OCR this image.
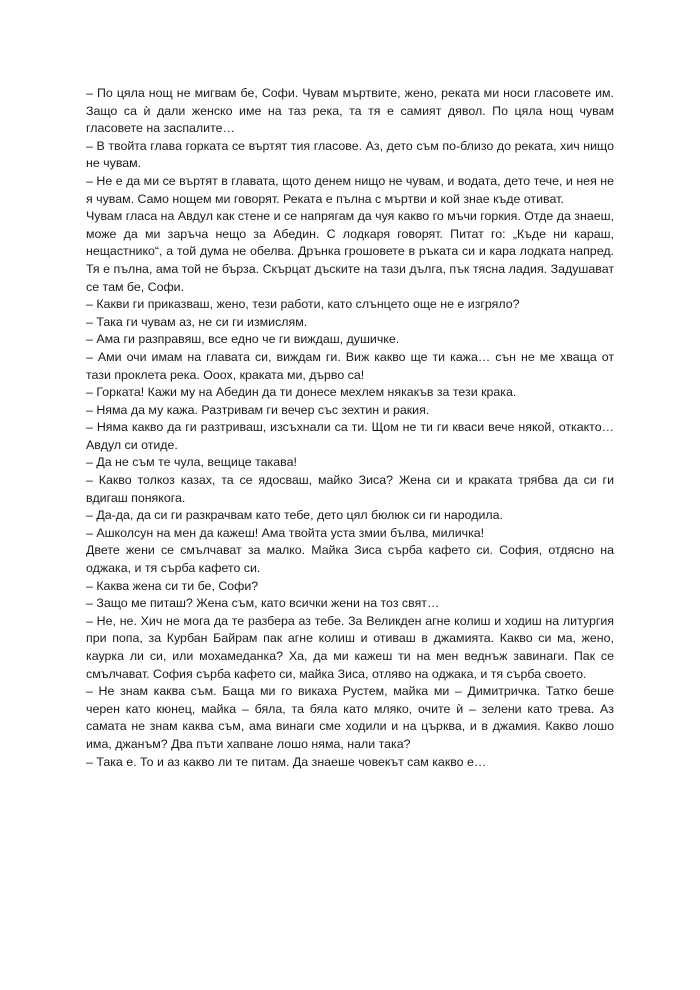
– По цяла нощ не мигвам бе, Софи. Чувам мъртвите, жено, реката ми носи гласовете им. Защо са ѝ дали женско име на таз река, та тя е самият дявол. По цяла нощ чувам гласовете на заспалите…

– В твойта глава горката се въртят тия гласове. Аз, дето съм по-близо до реката, хич нищо не чувам.

– Не е да ми се въртят в главата, щото денем нищо не чувам, и водата, дето тече, и нея не я чувам. Само нощем ми говорят. Реката е пълна с мъртви и кой знае къде отиват.

Чувам гласа на Авдул как стене и се напрягам да чуя какво го мъчи горкия. Отде да знаеш, може да ми заръча нещо за Абедин. С лодкаря говорят. Питат го: „Къде ни караш, нещастнико“, а той дума не обелва. Дрънка грошовете в ръката си и кара лодката напред. Тя е пълна, ама той не бърза. Скърцат дъските на тази дълга, пък тясна ладия. Задушават се там бе, Софи.

– Какви ги приказваш, жено, тези работи, като слънцето още не е изгряло?

– Така ги чувам аз, не си ги измислям.

– Ама ги разправяш, все едно че ги виждаш, душичке.

– Ами очи имам на главата си, виждам ги. Виж какво ще ти кажа… сън не ме хваща от тази проклета река. Ооох, краката ми, дърво са!

– Горката! Кажи му на Абедин да ти донесе мехлем някакъв за тези крака.

– Няма да му кажа. Разтривам ги вечер със зехтин и ракия.

– Няма какво да ги разтриваш, изсъхнали са ти. Щом не ти ги кваси вече някой, откакто… Авдул си отиде.

– Да не съм те чула, вещице такава!

– Какво толкоз казах, та се ядосваш, майко Зиса? Жена си и краката трябва да си ги вдигаш понякога.

– Да-да, да си ги разкрачвам като тебе, дето цял бюлюк си ги народила.

– Ашколсун на мен да кажеш! Ама твойта уста змии бълва, миличка!

Двете жени се смълчават за малко. Майка Зиса сърба кафето си. София, отдясно на оджака, и тя сърба кафето си.

– Каква жена си ти бе, Софи?

– Защо ме питаш? Жена съм, като всички жени на тоз свят…

– Не, не. Хич не мога да те разбера аз тебе. За Великден агне колиш и ходиш на литургия при попа, за Курбан Байрам пак агне колиш и отиваш в джамията. Какво си ма, жено, каурка ли си, или мохамеданка? Ха, да ми кажеш ти на мен веднъж завинаги. Пак се смълчават. София сърба кафето си, майка Зиса, отляво на оджака, и тя сърба своето.

– Не знам каква съм. Баща ми го викаха Рустем, майка ми – Димитричка. Татко беше черен като кюнец, майка – бяла, та бяла като мляко, очите ѝ – зелени като трева. Аз самата не знам каква съм, ама винаги сме ходили и на църква, и в джамия. Какво лошо има, джанъм? Два пъти хапване лошо няма, нали така?

– Така е. То и аз какво ли те питам. Да знаеше човекът сам какво е…
